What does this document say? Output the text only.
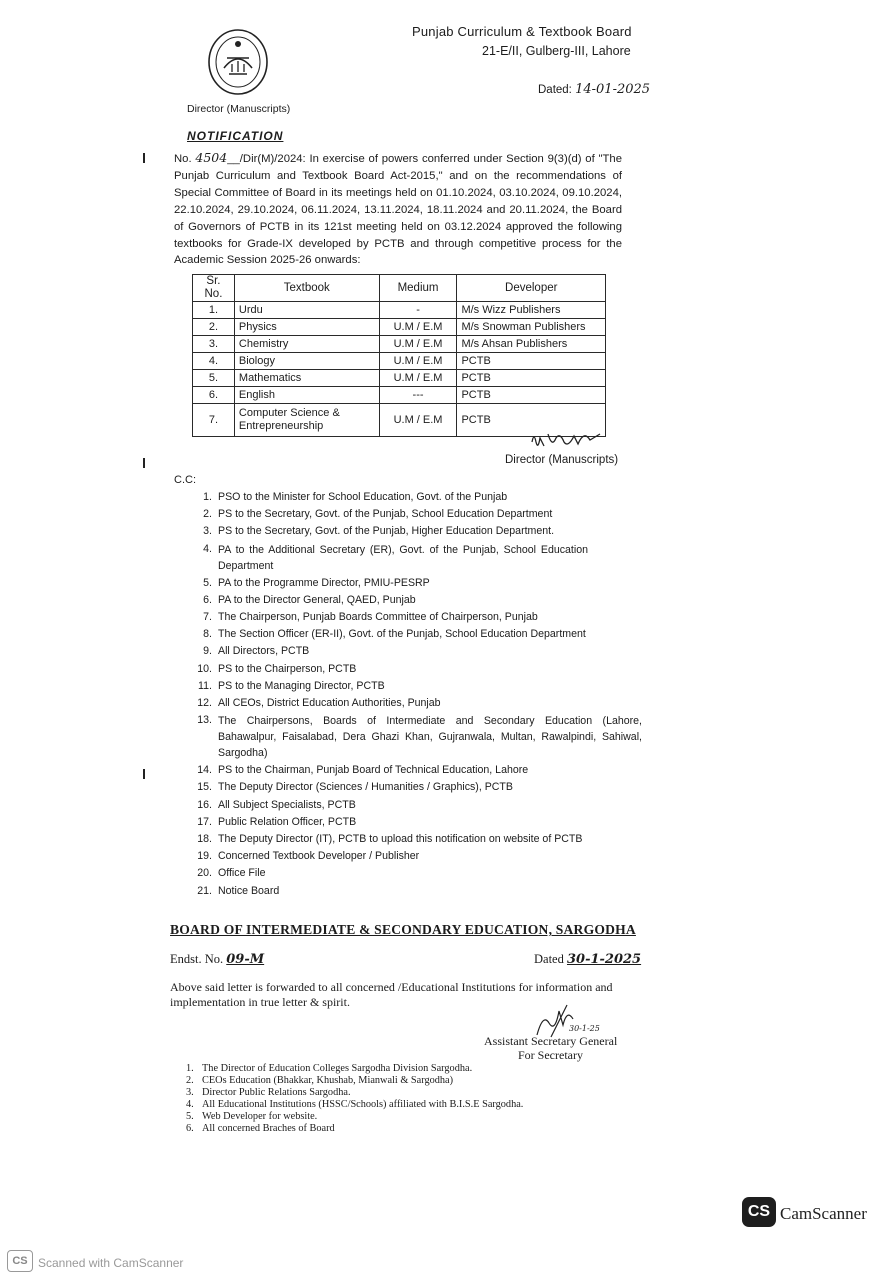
Punjab Curriculum & Textbook Board
21-E/II, Gulberg-III, Lahore
Dated: 14-01-2025
Director (Manuscripts)
NOTIFICATION
No. 4504__/Dir(M)/2024: In exercise of powers conferred under Section 9(3)(d) of "The Punjab Curriculum and Textbook Board Act-2015," and on the recommendations of Special Committee of Board in its meetings held on 01.10.2024, 03.10.2024, 09.10.2024, 22.10.2024, 29.10.2024, 06.11.2024, 13.11.2024, 18.11.2024 and 20.11.2024, the Board of Governors of PCTB in its 121st meeting held on 03.12.2024 approved the following textbooks for Grade-IX developed by PCTB and through competitive process for the Academic Session 2025-26 onwards:
Sr. No.	Textbook	Medium	Developer
1.	Urdu	-	M/s Wizz Publishers
2.	Physics	U.M / E.M	M/s Snowman Publishers
3.	Chemistry	U.M / E.M	M/s Ahsan Publishers
4.	Biology	U.M / E.M	PCTB
5.	Mathematics	U.M / E.M	PCTB
6.	English	---	PCTB
7.	Computer Science & Entrepreneurship	U.M / E.M	PCTB
Director (Manuscripts)
C.C:
1. PSO to the Minister for School Education, Govt. of the Punjab
2. PS to the Secretary, Govt. of the Punjab, School Education Department
3. PS to the Secretary, Govt. of the Punjab, Higher Education Department.
4. PA to the Additional Secretary (ER), Govt. of the Punjab, School Education Department
5. PA to the Programme Director, PMIU-PESRP
6. PA to the Director General, QAED, Punjab
7. The Chairperson, Punjab Boards Committee of Chairperson, Punjab
8. The Section Officer (ER-II), Govt. of the Punjab, School Education Department
9. All Directors, PCTB
10. PS to the Chairperson, PCTB
11. PS to the Managing Director, PCTB
12. All CEOs, District Education Authorities, Punjab
13. The Chairpersons, Boards of Intermediate and Secondary Education (Lahore, Bahawalpur, Faisalabad, Dera Ghazi Khan, Gujranwala, Multan, Rawalpindi, Sahiwal, Sargodha)
14. PS to the Chairman, Punjab Board of Technical Education, Lahore
15. The Deputy Director (Sciences / Humanities / Graphics), PCTB
16. All Subject Specialists, PCTB
17. Public Relation Officer, PCTB
18. The Deputy Director (IT), PCTB to upload this notification on website of PCTB
19. Concerned Textbook Developer / Publisher
20. Office File
21. Notice Board
BOARD OF INTERMEDIATE & SECONDARY EDUCATION, SARGODHA
Endst. No. 09-M	Dated 30-1-2025
Above said letter is forwarded to all concerned /Educational Institutions for information and implementation in true letter & spirit.
30-1-25
Assistant Secretary General
For Secretary
1. The Director of Education Colleges Sargodha Division Sargodha.
2. CEOs Education (Bhakkar, Khushab, Mianwali & Sargodha)
3. Director Public Relations Sargodha.
4. All Educational Institutions (HSSC/Schools) affiliated with B.I.S.E Sargodha.
5. Web Developer for website.
6. All concerned Braches of Board
CS CamScanner
CS Scanned with CamScanner
